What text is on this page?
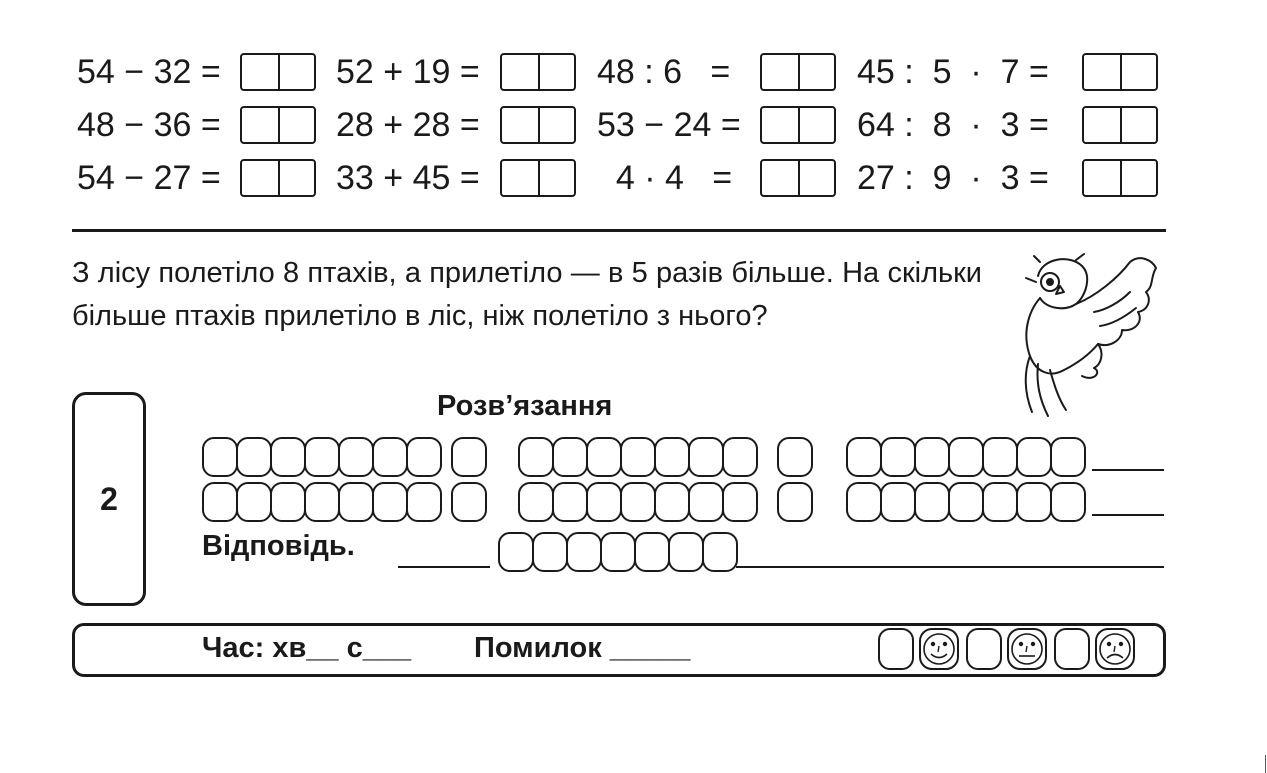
54 − 32 =	52 + 19 =	48 : 6   =	45 :  5  ·  7 =
48 − 36 =	28 + 28 =	53 − 24 =	64 :  8  ·  3 =
54 − 27 =	33 + 45 =	4 · 4   =	27 :  9  ·  3 =
З лісу полетіло 8 птахів, а прилетіло — в 5 разів більше. На скільки більше птахів прилетіло в ліс, ніж полетіло з нього?
2
Розв’язання
Відповідь.
Час: хв__ с___ Помилок _____
